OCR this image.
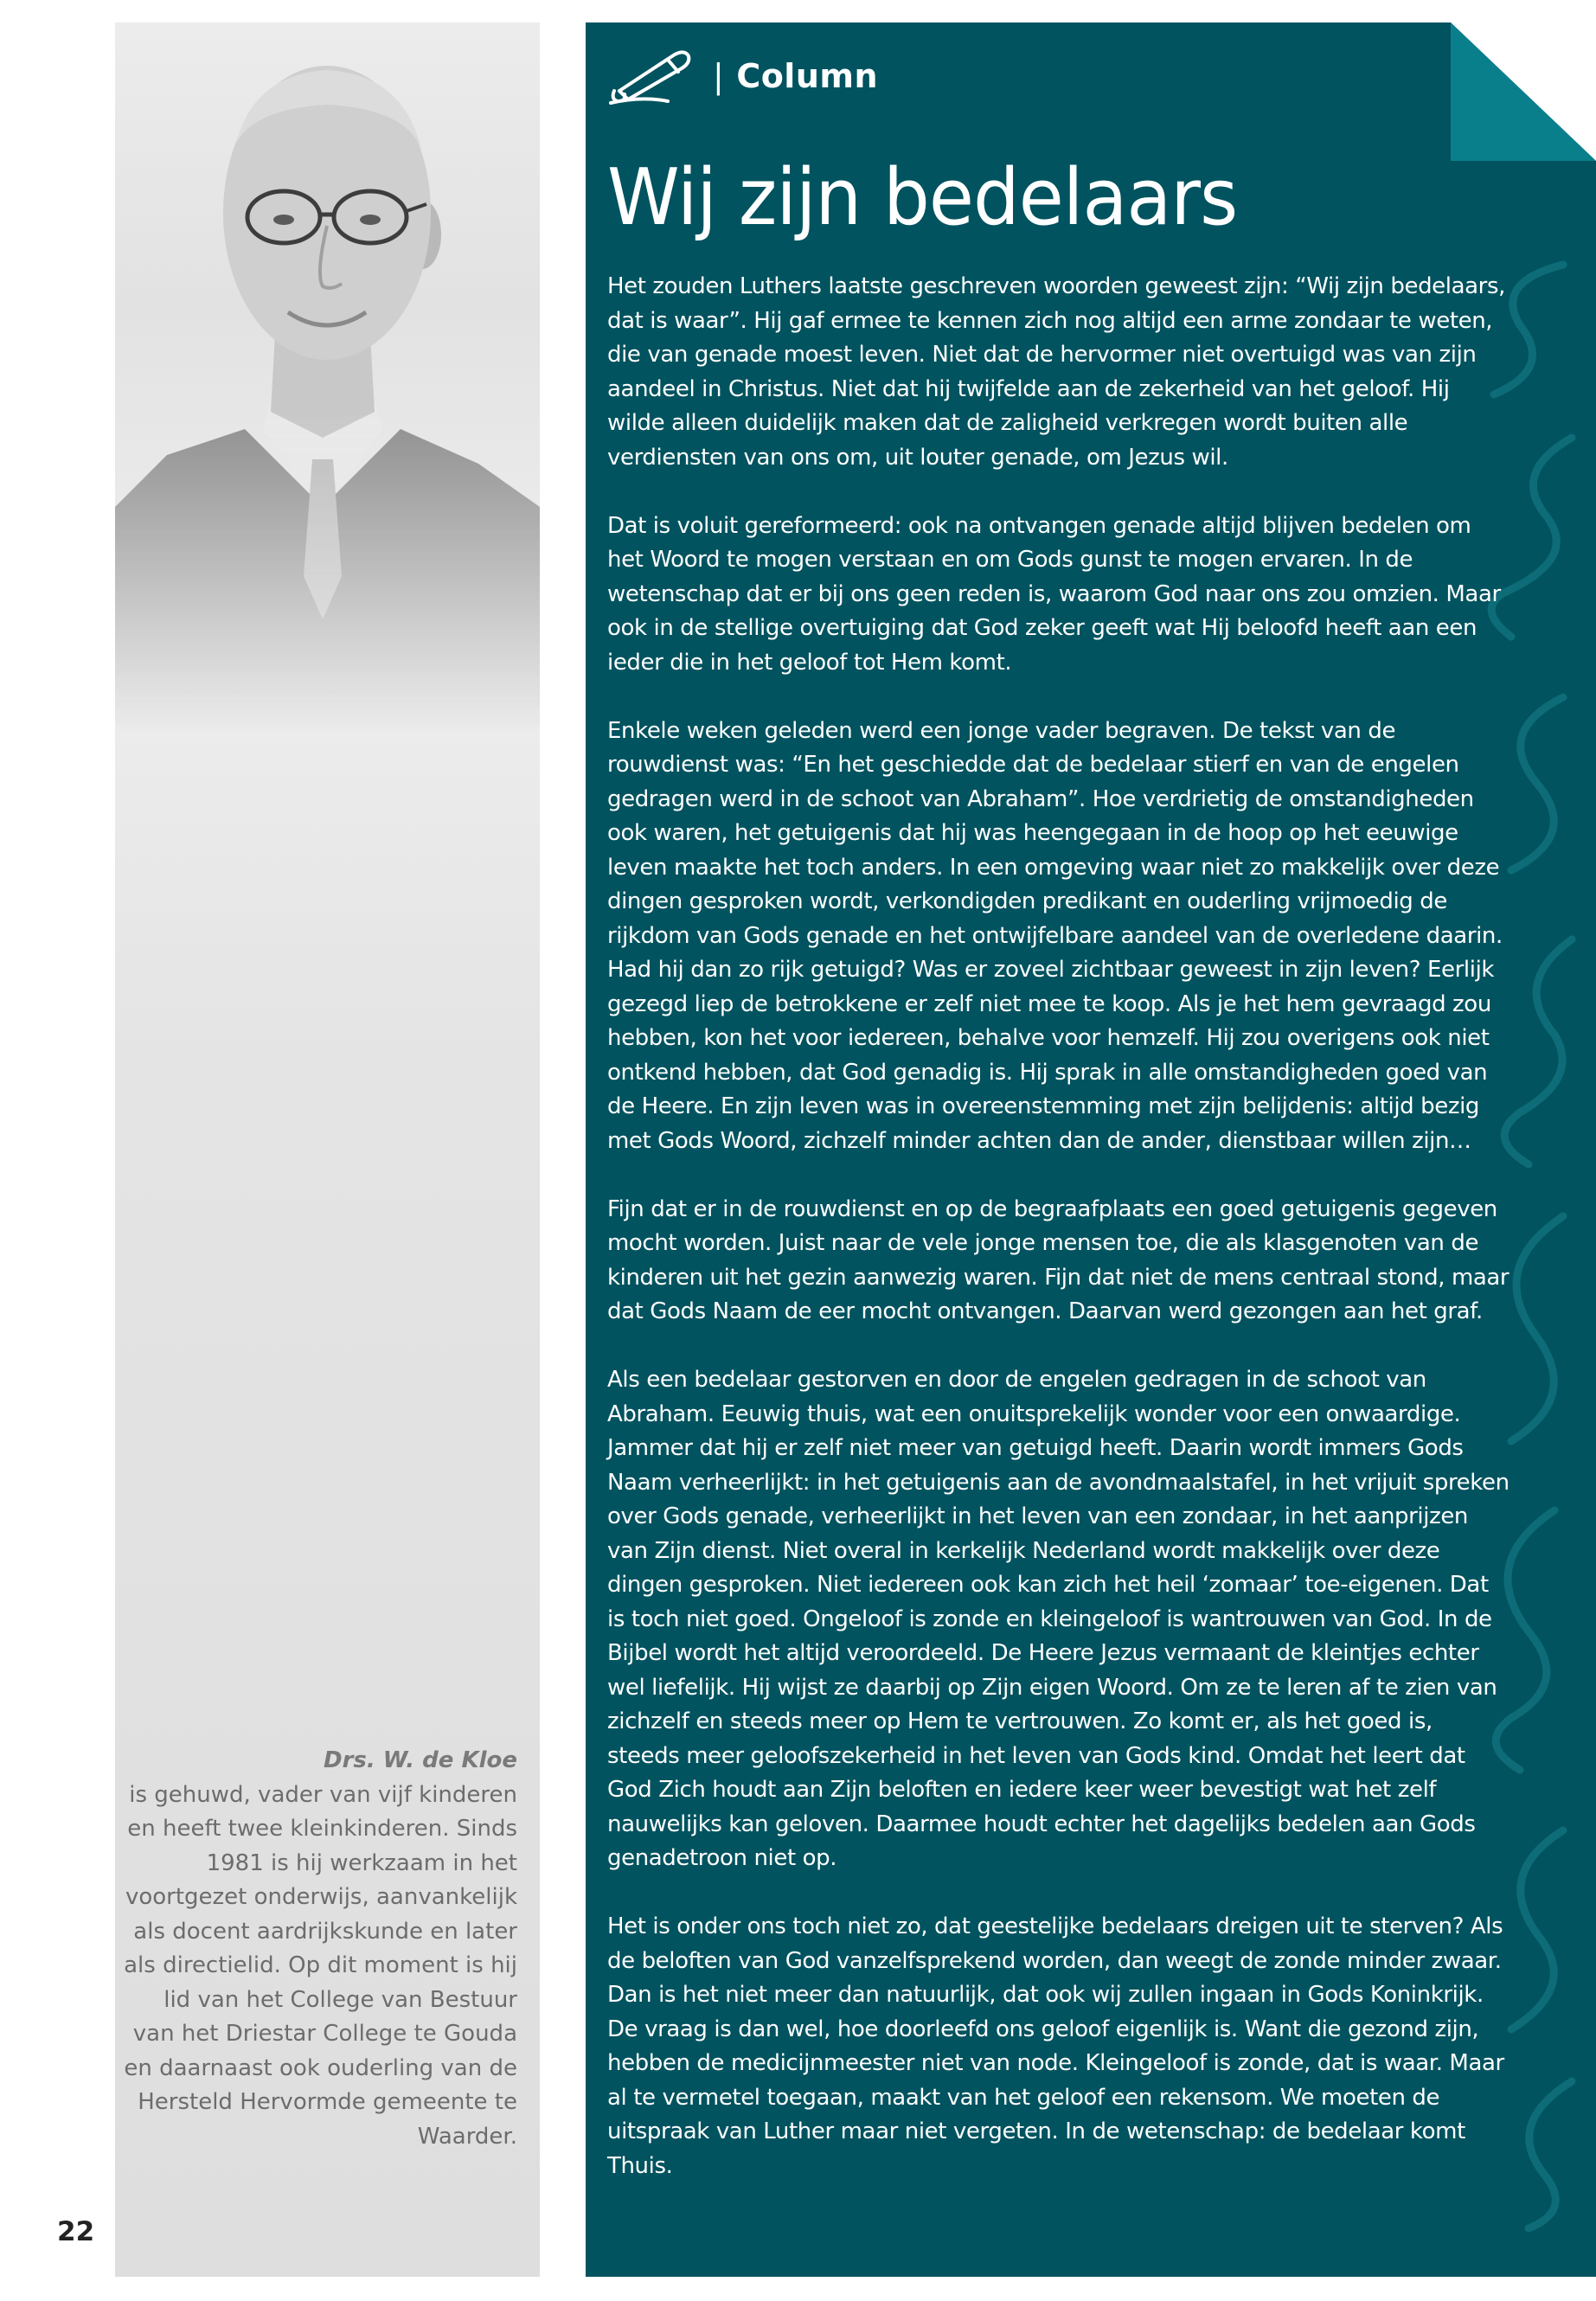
Drs. W. de Kloe
is gehuwd, vader van vijf kinderen en heeft twee kleinkinderen. Sinds 1981 is hij werkzaam in het voortgezet onderwijs, aanvankelijk als docent aardrijkskunde en later als directielid. Op dit moment is hij lid van het College van Bestuur van het Driestar College te Gouda en daarnaast ook ouderling van de Hersteld Hervormde gemeente te Waarder.
22
| Column
Wij zijn bedelaars

Het zouden Luthers laatste geschreven woorden geweest zijn: “Wij zijn bedelaars, dat is waar”. Hij gaf ermee te kennen zich nog altijd een arme zondaar te weten, die van genade moest leven. Niet dat de hervormer niet overtuigd was van zijn aandeel in Christus. Niet dat hij twijfelde aan de zekerheid van het geloof. Hij wilde alleen duidelijk maken dat de zaligheid verkregen wordt buiten alle verdiensten van ons om, uit louter genade, om Jezus wil.

Dat is voluit gereformeerd: ook na ontvangen genade altijd blijven bedelen om het Woord te mogen verstaan en om Gods gunst te mogen ervaren. In de wetenschap dat er bij ons geen reden is, waarom God naar ons zou omzien. Maar ook in de stellige overtuiging dat God zeker geeft wat Hij beloofd heeft aan een ieder die in het geloof tot Hem komt.

Enkele weken geleden werd een jonge vader begraven. De tekst van de rouwdienst was: “En het geschiedde dat de bedelaar stierf en van de engelen gedragen werd in de schoot van Abraham”. Hoe verdrietig de omstandigheden ook waren, het getuigenis dat hij was heengegaan in de hoop op het eeuwige leven maakte het toch anders. In een omgeving waar niet zo makkelijk over deze dingen gesproken wordt, verkondigden predikant en ouderling vrijmoedig de rijkdom van Gods genade en het ontwijfelbare aandeel van de overledene daarin. Had hij dan zo rijk getuigd? Was er zoveel zichtbaar geweest in zijn leven? Eerlijk gezegd liep de betrokkene er zelf niet mee te koop. Als je het hem gevraagd zou hebben, kon het voor iedereen, behalve voor hemzelf. Hij zou overigens ook niet ontkend hebben, dat God genadig is. Hij sprak in alle omstandigheden goed van de Heere. En zijn leven was in overeenstemming met zijn belijdenis: altijd bezig met Gods Woord, zichzelf minder achten dan de ander, dienstbaar willen zijn…

Fijn dat er in de rouwdienst en op de begraafplaats een goed getuigenis gegeven mocht worden. Juist naar de vele jonge mensen toe, die als klasgenoten van de kinderen uit het gezin aanwezig waren. Fijn dat niet de mens centraal stond, maar dat Gods Naam de eer mocht ontvangen. Daarvan werd gezongen aan het graf.

Als een bedelaar gestorven en door de engelen gedragen in de schoot van Abraham. Eeuwig thuis, wat een onuitsprekelijk wonder voor een onwaardige. Jammer dat hij er zelf niet meer van getuigd heeft. Daarin wordt immers Gods Naam verheerlijkt: in het getuigenis aan de avondmaalstafel, in het vrijuit spreken over Gods genade, verheerlijkt in het leven van een zondaar, in het aanprijzen van Zijn dienst. Niet overal in kerkelijk Nederland wordt makkelijk over deze dingen gesproken. Niet iedereen ook kan zich het heil ‘zomaar’ toe-eigenen. Dat is toch niet goed. Ongeloof is zonde en kleingeloof is wantrouwen van God. In de Bijbel wordt het altijd veroordeeld. De Heere Jezus vermaant de kleintjes echter wel liefelijk. Hij wijst ze daarbij op Zijn eigen Woord. Om ze te leren af te zien van zichzelf en steeds meer op Hem te vertrouwen. Zo komt er, als het goed is, steeds meer geloofszekerheid in het leven van Gods kind. Omdat het leert dat God Zich houdt aan Zijn beloften en iedere keer weer bevestigt wat het zelf nauwelijks kan geloven. Daarmee houdt echter het dagelijks bedelen aan Gods genadetroon niet op.

Het is onder ons toch niet zo, dat geestelijke bedelaars dreigen uit te sterven? Als de beloften van God vanzelfsprekend worden, dan weegt de zonde minder zwaar. Dan is het niet meer dan natuurlijk, dat ook wij zullen ingaan in Gods Koninkrijk. De vraag is dan wel, hoe doorleefd ons geloof eigenlijk is. Want die gezond zijn, hebben de medicijnmeester niet van node. Kleingeloof is zonde, dat is waar. Maar al te vermetel toegaan, maakt van het geloof een rekensom. We moeten de uitspraak van Luther maar niet vergeten. In de wetenschap: de bedelaar komt Thuis.
